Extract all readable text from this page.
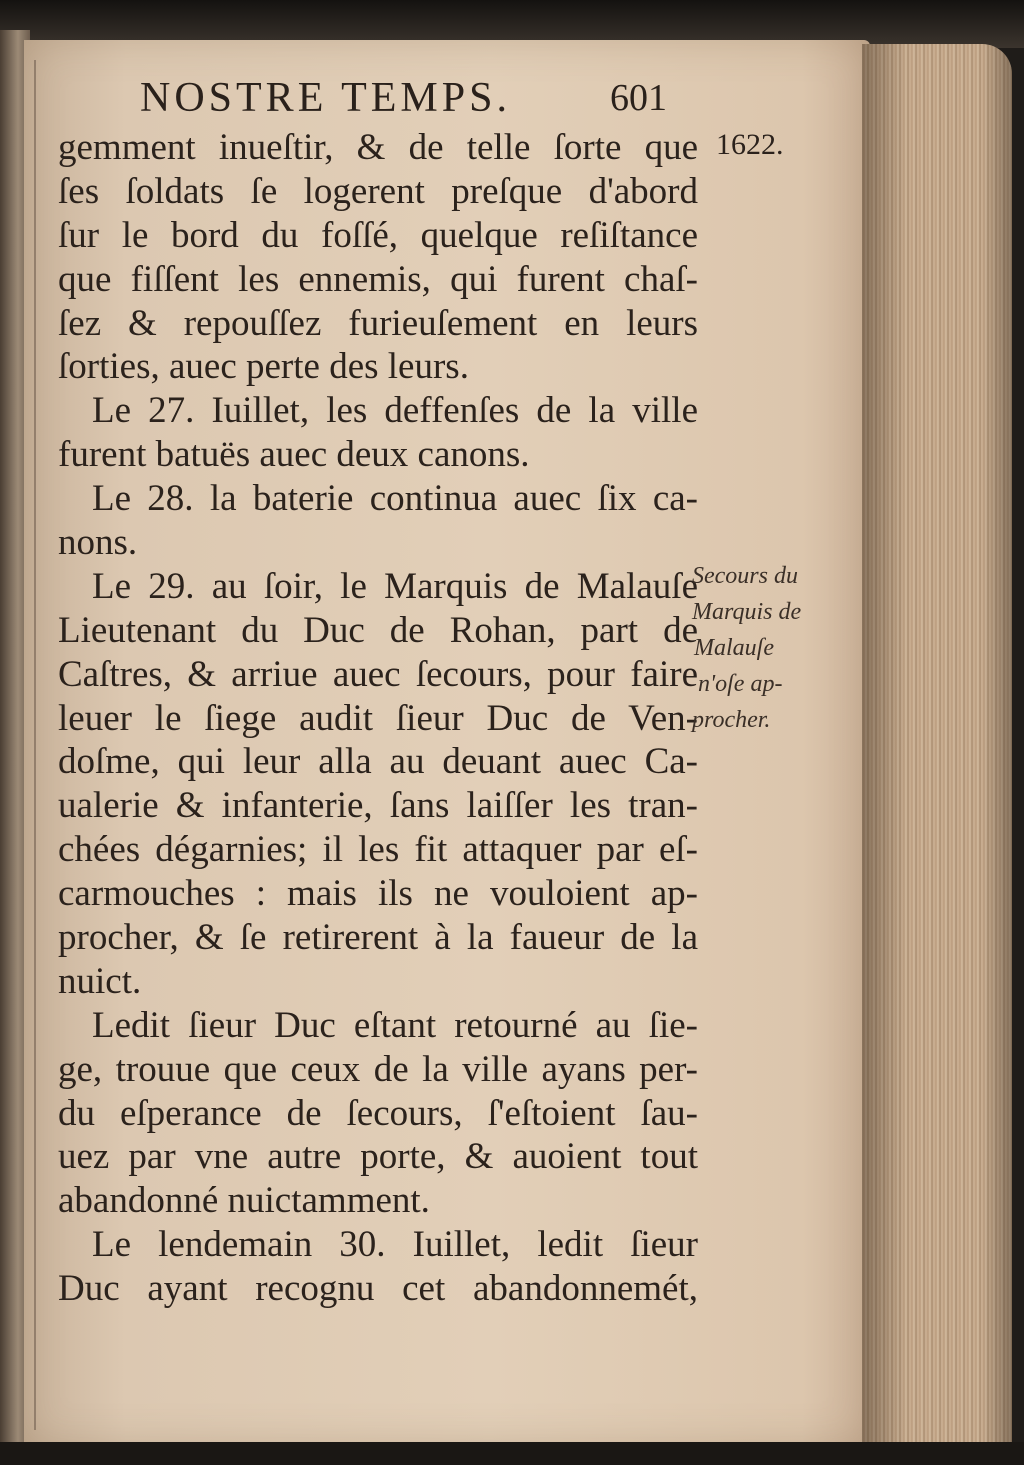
NOSTRE TEMPS.	601
1622.
gemment inueſtir, & de telle ſorte que
ſes ſoldats ſe logerent preſque d'abord
ſur le bord du foſſé, quelque reſiſtance
que fiſſent les ennemis, qui furent chaſ-
ſez & repouſſez furieuſement en leurs
ſorties, auec perte des leurs.
Le 27. Iuillet, les deffenſes de la ville
furent batuës auec deux canons.
Le 28. la baterie continua auec ſix ca-
nons.
Le 29. au ſoir, le Marquis de Malauſe
Lieutenant du Duc de Rohan, part de
Caſtres, & arriue auec ſecours, pour faire
leuer le ſiege audit ſieur Duc de Ven-
doſme, qui leur alla au deuant auec Ca-
ualerie & infanterie, ſans laiſſer les tran-
chées dégarnies; il les fit attaquer par eſ-
carmouches : mais ils ne vouloient ap-
procher, & ſe retirerent à la faueur de la
nuict.
Ledit ſieur Duc eſtant retourné au ſie-
ge, trouue que ceux de la ville ayans per-
du eſperance de ſecours, ſ'eſtoient ſau-
uez par vne autre porte, & auoient tout
abandonné nuictamment.
Le lendemain 30. Iuillet, ledit ſieur
Duc ayant recognu cet abandonnemét,
Secours du
Marquis de
Malauſe
n'oſe ap-
procher.
